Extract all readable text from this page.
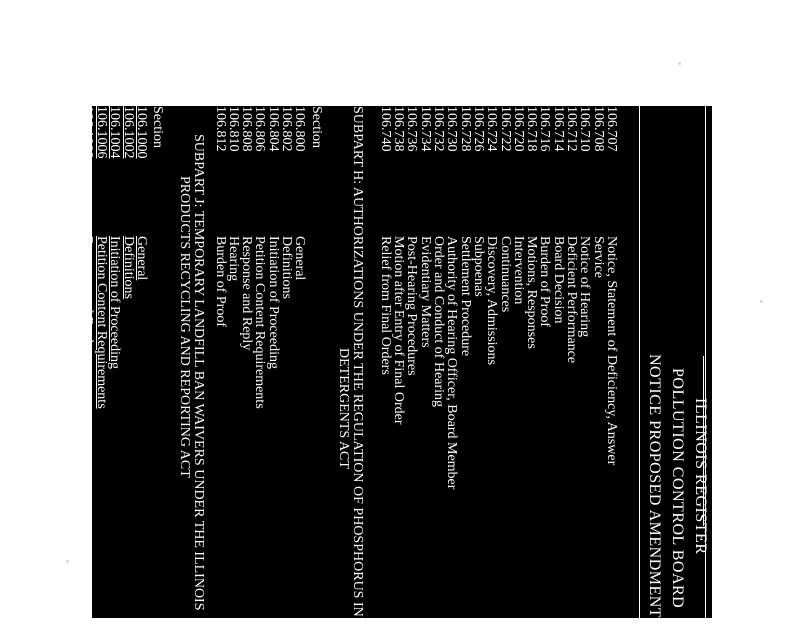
ILLINOIS REGISTER
POLLUTION CONTROL BOARD
NOTICE PROPOSED AMENDMENTS
106.707
Notice, Statement of Deficiency, Answer
106.708
Service
106.710
Notice of Hearing
106.712
Deficient Performance
106.714
Board Decision
106.716
Burden of Proof
106.718
Motions, Responses
106.720
Intervention
106.722
Continuances
106.724
Discovery, Admissions
106.726
Subpoenas
106.728
Settlement Procedure
106.730
Authority of Hearing Officer, Board Member
106.732
Order and Conduct of Hearing
106.734
Evidentiary Matters
106.736
Post-Hearing Procedures
106.738
Motion after Entry of Final Order
106.740
Relief from Final Orders
SUBPART H: AUTHORIZATIONS UNDER THE REGULATION OF PHOSPHORUS IN
DETERGENTS ACT
Section
106.800
General
106.802
Definitions
106.804
Initiation of Proceeding
106.806
Petition Content Requirements
106.808
Response and Reply
106.810
Hearing
106.812
Burden of Proof
SUBPART J: TEMPORARY LANDFILL BAN WAIVERS UNDER THE ILLINOIS
PRODUCTS RECYCLING AND REPORTING ACT
Section
106.1000
General
106.1002
Definitions
106.1004
Initiation of Proceeding
106.1006
Petition Content Requirements
106.1008
Response and Reply
106.1010
Burden of Proof
106.1012
Board Decision
